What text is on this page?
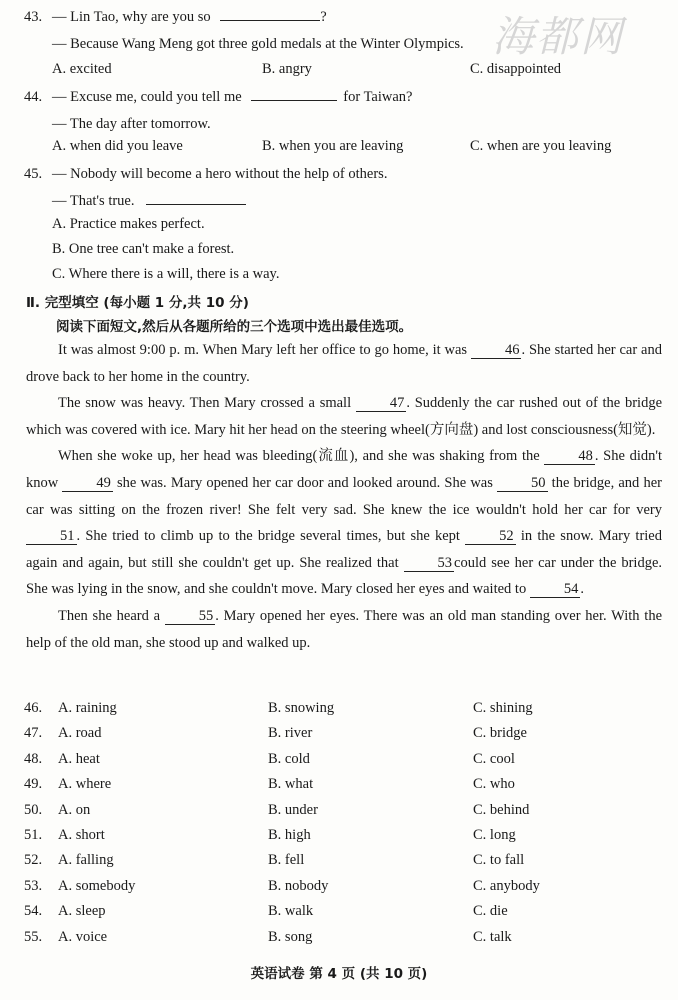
海都网
43. — Lin Tao, why are you so	?
— Because Wang Meng got three gold medals at the Winter Olympics.
A. excited	B. angry	C. disappointed
44. — Excuse me, could you tell me	for Taiwan?
— The day after tomorrow.
A. when did you leave	B. when you are leaving	C. when are you leaving
45. — Nobody will become a hero without the help of others.
— That's true.
A. Practice makes perfect.
B. One tree can't make a forest.
C. Where there is a will, there is a way.
Ⅱ. 完型填空 (每小题 1 分,共 10 分)
阅读下面短文,然后从各题所给的三个选项中选出最佳选项。

It was almost 9:00 p. m. When Mary left her office to go home, it was 46 . She started her car and drove back to her home in the country.

The snow was heavy. Then Mary crossed a small 47 . Suddenly the car rushed out of the bridge which was covered with ice. Mary hit her head on the steering wheel(方向盘) and lost consciousness(知觉).

When she woke up, her head was bleeding(流血), and she was shaking from the 48 . She didn't know 49 she was. Mary opened her car door and looked around. She was 50 the bridge, and her car was sitting on the frozen river! She felt very sad. She knew the ice wouldn't hold her car for very 51 . She tried to climb up to the bridge several times, but she kept 52 in the snow. Mary tried again and again, but still she couldn't get up. She realized that 53 could see her car under the bridge. She was lying in the snow, and she couldn't move. Mary closed her eyes and waited to 54 .

Then she heard a 55 . Mary opened her eyes. There was an old man standing over her. With the help of the old man, she stood up and walked up.

46. A. raining	B. snowing	C. shining
47. A. road	B. river	C. bridge
48. A. heat	B. cold	C. cool
49. A. where	B. what	C. who
50. A. on	B. under	C. behind
51. A. short	B. high	C. long
52. A. falling	B. fell	C. to fall
53. A. somebody	B. nobody	C. anybody
54. A. sleep	B. walk	C. die
55. A. voice	B. song	C. talk
英语试卷 第 4 页 (共 10 页)
